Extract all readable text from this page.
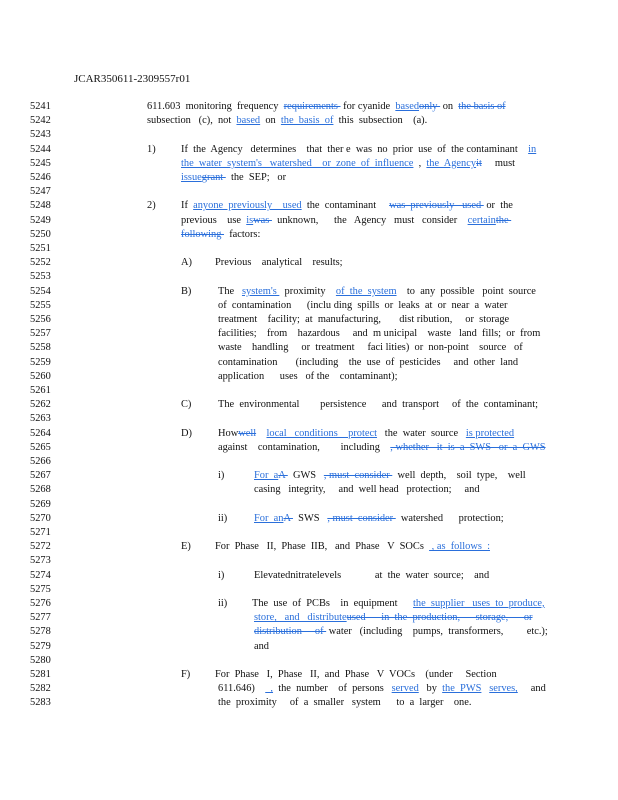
JCAR350611-2309557r01
5241	611.603  monitoring  frequency  requirements  for cyanide  basedonly  on  the basis of
5242	subsection   (c),  not  based  on  the  basis  of  this  subsection    (a).
5243
5244	1) If  the  Agency   determines    that  ther e  was  no  prior  use  of  the contaminant    in
5245	the  water  system's   watershed    or  zone  of  influence  ,  the  Agencyit     must
5246	issuegrant   the  SEP;   or
5247
5248	2) If  anyone  previously    used  the  contaminant     was  previously   used  or  the
5249	previous    use  iswas   unknown,      the   Agency   must   consider    certainthe
5250	following   factors:
5251
5252	A) Previous    analytical    results;
5253
5254	B)	The   system's   proximity    of  the  system    to  any  possible   point  source
5255	of  contamination      (inclu ding  spills  or  leaks  at  or  near  a  water
5256	treatment    facility;  at  manufacturing,       dist ribution,     or  storage
5257	facilities;    from    hazardous     and  m unicipal    waste   land  fills;  or  from
5258	waste    handling     or  treatment     faci lities)  or  non-point    source   of
5259	contamination       (including    the  use  of  pesticides     and  other  land
5260	application      uses   of the    contaminant);
5261
5262	C)	The  environmental        persistence      and  transport     of  the  contaminant;
5263
5264	D)	Howwell local   conditions    protect   the  water  source   is protected
5265	against    contamination,        including    , whether   it  is  a  SWS   or  a  GWS
5266
5267	i)	For  aA   GWS   , must  consider   well  depth,    soil  type,    well
5268	casing   integrity,     and  well head   protection;     and
5269
5270	ii)	For  anA   SWS   , must  consider   watershed      protection;
5271
5272	E) For  Phase   II,  Phase  IIB,   and  Phase   V  SOCs   , as  follows  :
5273
5274	i)	Elevatednitratelevels             at  the  water  source;    and
5275
5276	ii) The  use  of  PCBs    in  equipment      the  supplier   uses  to  produce,
5277	store,   and   distributeused      in  the  production,      storage,      or
5278	distribution     of  water   (including    pumps,  transformers,         etc.);
5279	and
5280
5281	F) For  Phase   I,  Phase   II,  and  Phase   V  VOCs    (under     Section
5282	611.646)      ,  the  number    of  persons   served   by  the  PWS serves,     and
5283	the  proximity     of  a  smaller   system      to  a  larger    one.
